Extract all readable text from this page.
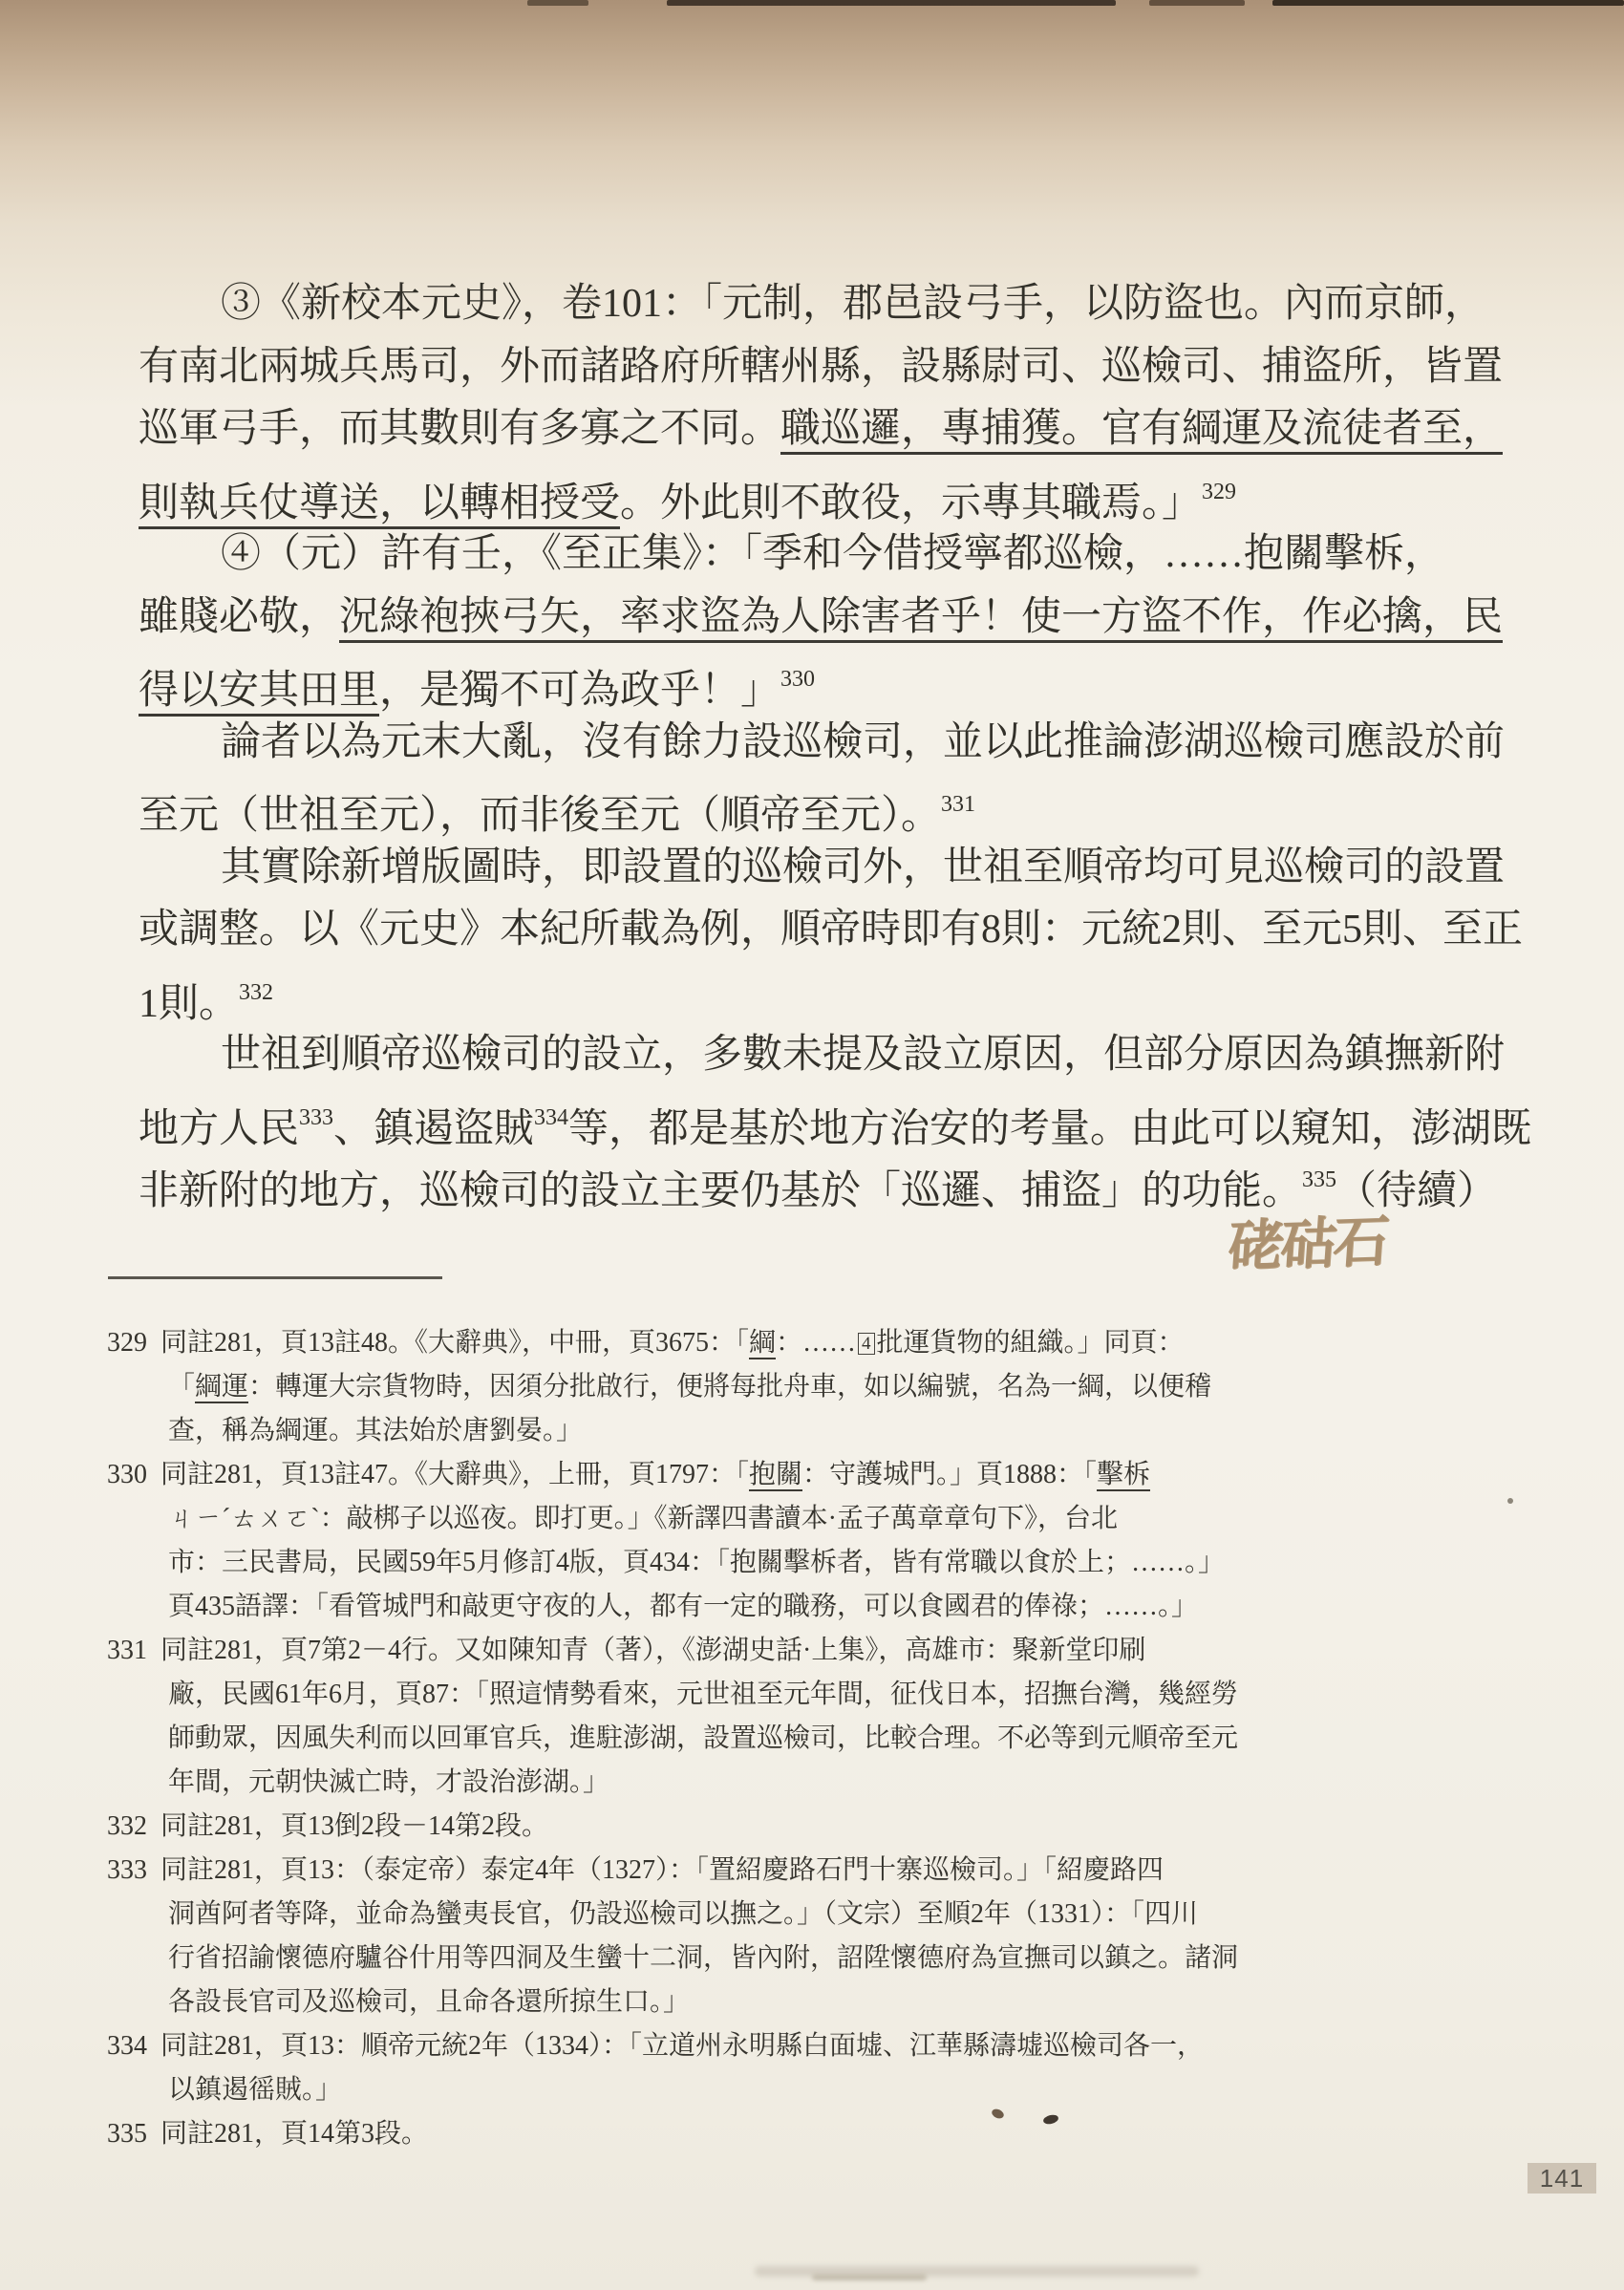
③《新校本元史》，卷101：「元制，郡邑設弓手，以防盜也。內而京師，
有南北兩城兵馬司，外而諸路府所轄州縣，設縣尉司、巡檢司、捕盜所，皆置
巡軍弓手，而其數則有多寡之不同。職巡邏，專捕獲。官有綱運及流徒者至，
則執兵仗導送，以轉相授受。外此則不敢役，示專其職焉。」$^{329}$
④（元）許有壬，《至正集》：「季和今借授寧都巡檢，……抱關擊柝，
雖賤必敬，況綠袍挾弓矢，率求盜為人除害者乎！使一方盜不作，作必擒，民
得以安其田里，是獨不可為政乎！」$^{330}$
論者以為元末大亂，沒有餘力設巡檢司，並以此推論澎湖巡檢司應設於前
至元（世祖至元），而非後至元（順帝至元）。$^{331}$
其實除新增版圖時，即設置的巡檢司外，世祖至順帝均可見巡檢司的設置
或調整。以《元史》本紀所載為例，順帝時即有8則：元統2則、至元5則、至正
1則。$^{332}$
世祖到順帝巡檢司的設立，多數未提及設立原因，但部分原因為鎮撫新附
地方人民$^{333}$、鎮遏盜賊$^{334}$等，都是基於地方治安的考量。由此可以窺知，澎湖既
非新附的地方，巡檢司的設立主要仍基於「巡邏、捕盜」的功能。$^{335}$（待續）
硓𥑮石
329 同註281，頁13註48。《大辭典》，中冊，頁3675：「綱：…… 4 批運貨物的組織。」同頁：
「綱運：轉運大宗貨物時，因須分批啟行，便將每批舟車，如以編號，名為一綱，以便稽
查，稱為綱運。其法始於唐劉晏。」
330 同註281，頁13註47。《大辭典》，上冊，頁1797：「抱關：守護城門。」頁1888：「擊柝
ㄐㄧˊㄊㄨㄛˋ：敲梆子以巡夜。即打更。」《新譯四書讀本·孟子萬章章句下》，台北
市：三民書局，民國59年5月修訂4版，頁434：「抱關擊柝者，皆有常職以食於上；……。」
頁435語譯：「看管城門和敲更守夜的人，都有一定的職務，可以食國君的俸祿；……。」
331 同註281，頁7第2－4行。又如陳知青（著），《澎湖史話·上集》，高雄市：聚新堂印刷
廠，民國61年6月，頁87：「照這情勢看來，元世祖至元年間，征伐日本，招撫台灣，幾經勞
師動眾，因風失利而以回軍官兵，進駐澎湖，設置巡檢司，比較合理。不必等到元順帝至元
年間，元朝快滅亡時，才設治澎湖。」
332 同註281，頁13倒2段－14第2段。
333 同註281，頁13：（泰定帝）泰定4年（1327）：「置紹慶路石門十寨巡檢司。」「紹慶路四
洞酋阿者等降，並命為蠻夷長官，仍設巡檢司以撫之。」（文宗）至順2年（1331）：「四川
行省招諭懷德府驢谷什用等四洞及生蠻十二洞，皆內附，詔陞懷德府為宣撫司以鎮之。諸洞
各設長官司及巡檢司，且命各還所掠生口。」
334 同註281，頁13：順帝元統2年（1334）：「立道州永明縣白面墟、江華縣濤墟巡檢司各一，
以鎮遏徭賊。」
335 同註281，頁14第3段。
141
